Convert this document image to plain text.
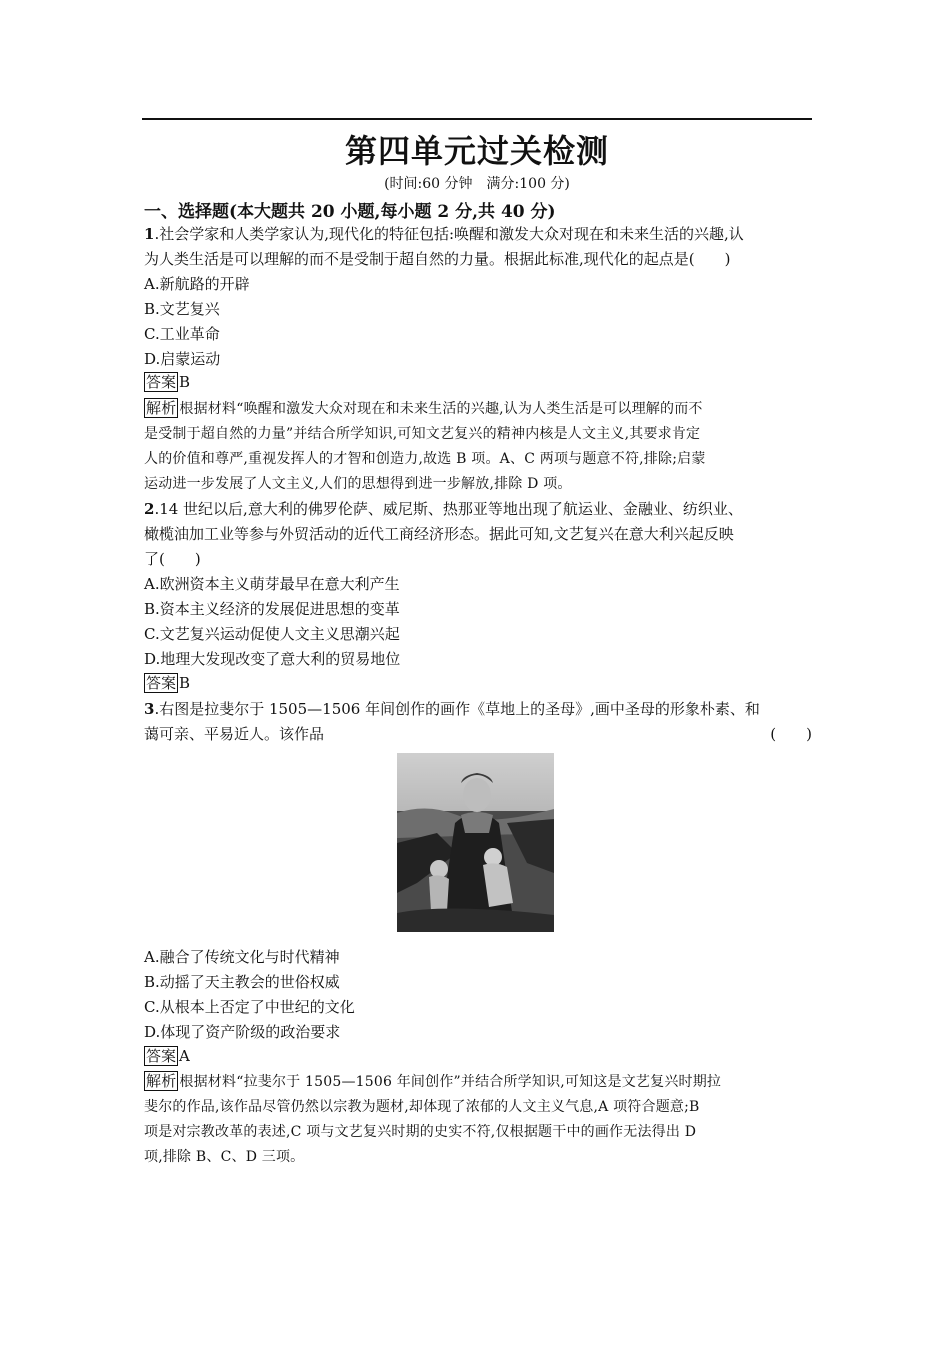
第四单元过关检测
(时间:60 分钟　满分:100 分)
一、选择题(本大题共 20 小题,每小题 2 分,共 40 分)
1.社会学家和人类学家认为,现代化的特征包括:唤醒和激发大众对现在和未来生活的兴趣,认
为人类生活是可以理解的而不是受制于超自然的力量。根据此标准,现代化的起点是(　　)
A.新航路的开辟
B.文艺复兴
C.工业革命
D.启蒙运动
答案 B
解析 根据材料“唤醒和激发大众对现在和未来生活的兴趣,认为人类生活是可以理解的而不
是受制于超自然的力量”并结合所学知识,可知文艺复兴的精神内核是人文主义,其要求肯定
人的价值和尊严,重视发挥人的才智和创造力,故选 B 项。A、C 两项与题意不符,排除;启蒙
运动进一步发展了人文主义,人们的思想得到进一步解放,排除 D 项。
2.14 世纪以后,意大利的佛罗伦萨、威尼斯、热那亚等地出现了航运业、金融业、纺织业、
橄榄油加工业等参与外贸活动的近代工商经济形态。据此可知,文艺复兴在意大利兴起反映
了(　　)
A.欧洲资本主义萌芽最早在意大利产生
B.资本主义经济的发展促进思想的变革
C.文艺复兴运动促使人文主义思潮兴起
D.地理大发现改变了意大利的贸易地位
答案 B
3.右图是拉斐尔于 1505—1506 年间创作的画作《草地上的圣母》,画中圣母的形象朴素、和
蔼可亲、平易近人。该作品	(　　)
A.融合了传统文化与时代精神
B.动摇了天主教会的世俗权威
C.从根本上否定了中世纪的文化
D.体现了资产阶级的政治要求
答案 A
解析 根据材料“拉斐尔于 1505—1506 年间创作”并结合所学知识,可知这是文艺复兴时期拉
斐尔的作品,该作品尽管仍然以宗教为题材,却体现了浓郁的人文主义气息,A 项符合题意;B
项是对宗教改革的表述,C 项与文艺复兴时期的史实不符,仅根据题干中的画作无法得出 D
项,排除 B、C、D 三项。
